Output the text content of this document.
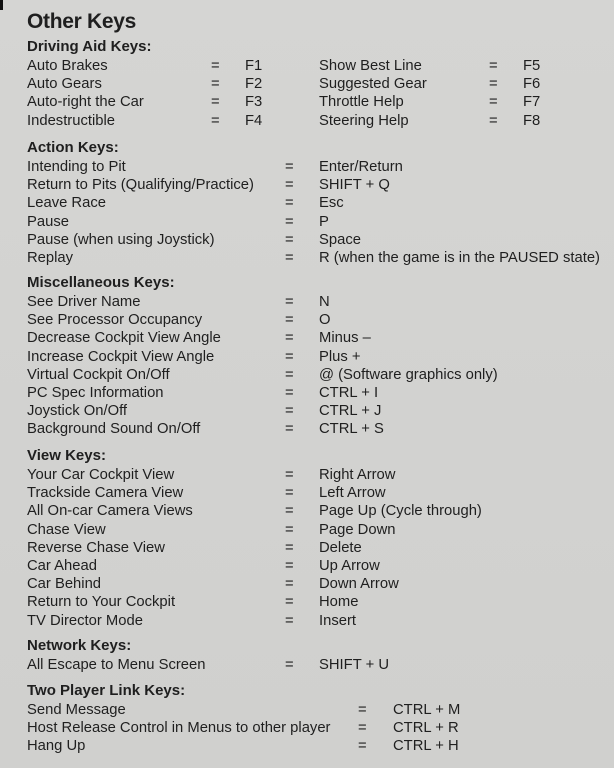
Other Keys
Driving Aid Keys:
Auto Brakes	= F1	Show Best Line	= F5
Auto Gears	= F2	Suggested Gear	= F6
Auto-right the Car	= F3	Throttle Help	= F7
Indestructible	= F4	Steering Help	= F8
Action Keys:
Intending to Pit	= Enter/Return
Return to Pits (Qualifying/Practice) = SHIFT + Q
Leave Race	= Esc
Pause	= P
Pause (when using Joystick)	= Space
Replay	= R (when the game is in the PAUSED state)
Miscellaneous Keys:
See Driver Name	= N
See Processor Occupancy	= O
Decrease Cockpit View Angle	= Minus –
Increase Cockpit View Angle	= Plus +
Virtual Cockpit On/Off	= @ (Software graphics only)
PC Spec Information	= CTRL + I
Joystick On/Off	= CTRL + J
Background Sound On/Off	= CTRL + S
View Keys:
Your Car Cockpit View	= Right Arrow
Trackside Camera View	= Left Arrow
All On-car Camera Views	= Page Up (Cycle through)
Chase View	= Page Down
Reverse Chase View	= Delete
Car Ahead	= Up Arrow
Car Behind	= Down Arrow
Return to Your Cockpit	= Home
TV Director Mode	= Insert
Network Keys:
All Escape to Menu Screen	= SHIFT + U
Two Player Link Keys:
Send Message	= CTRL + M
Host Release Control in Menus to other player = CTRL + R
Hang Up	= CTRL + H
